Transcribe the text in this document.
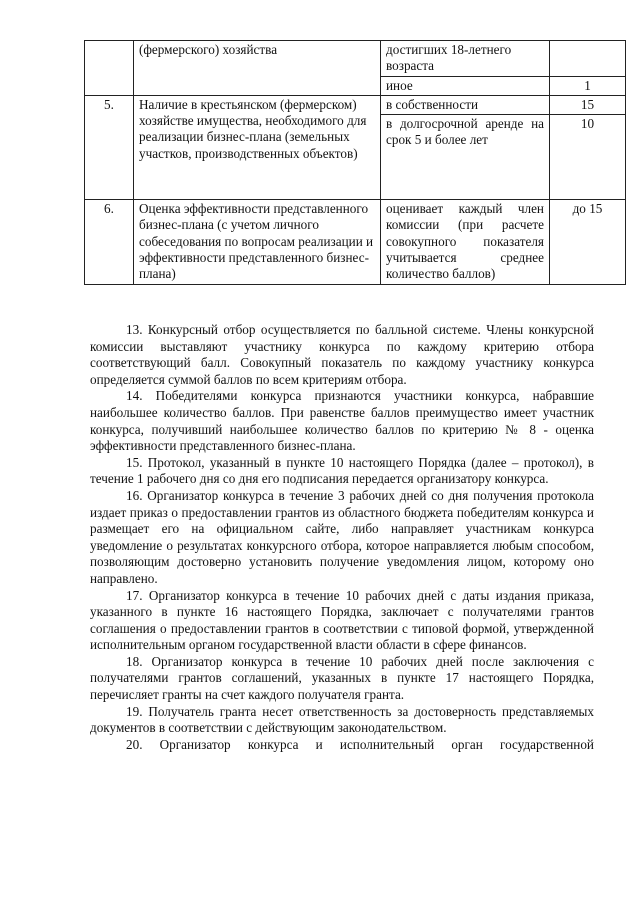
	(фермерского) хозяйства	достигших 18-летнего возраста	
		иное	1
5.	Наличие в крестьянском (фермерском) хозяйстве имущества, необходимого для реализации бизнес-плана (земельных участков, производственных объектов)	в собственности	15
		в долгосрочной аренде на срок 5 и более лет	10
6.	Оценка эффективности представленного бизнес-плана (с учетом личного собеседования по вопросам реализации и эффективности представленного бизнес-плана)	оценивает каждый член комиссии (при расчете совокупного показателя учитывается среднее количество баллов)	до 15

13. Конкурсный отбор осуществляется по балльной системе. Члены конкурсной комиссии выставляют участнику конкурса по каждому критерию отбора соответствующий балл. Совокупный показатель по каждому участнику конкурса определяется суммой баллов по всем критериям отбора.

14. Победителями конкурса признаются участники конкурса, набравшие наибольшее количество баллов. При равенстве баллов преимущество имеет участник конкурса, получивший наибольшее количество баллов по критерию № 8 - оценка эффективности представленного бизнес-плана.

15. Протокол, указанный в пункте 10 настоящего Порядка (далее – протокол), в течение 1 рабочего дня со дня его подписания передается организатору конкурса.

16. Организатор конкурса в течение 3 рабочих дней со дня получения протокола издает приказ о предоставлении грантов из областного бюджета победителям конкурса и размещает его на официальном сайте, либо направляет участникам конкурса уведомление о результатах конкурсного отбора, которое направляется любым способом, позволяющим достоверно установить получение уведомления лицом, которому оно направлено.

17. Организатор конкурса в течение 10 рабочих дней с даты издания приказа, указанного в пункте 16 настоящего Порядка, заключает с получателями грантов соглашения о предоставлении грантов в соответствии с типовой формой, утвержденной исполнительным органом государственной власти области в сфере финансов.

18. Организатор конкурса в течение 10 рабочих дней после заключения с получателями грантов соглашений, указанных в пункте 17 настоящего Порядка, перечисляет гранты на счет каждого получателя гранта.

19. Получатель гранта несет ответственность за достоверность представляемых документов в соответствии с действующим законодательством.

20. Организатор конкурса и исполнительный орган государственной
